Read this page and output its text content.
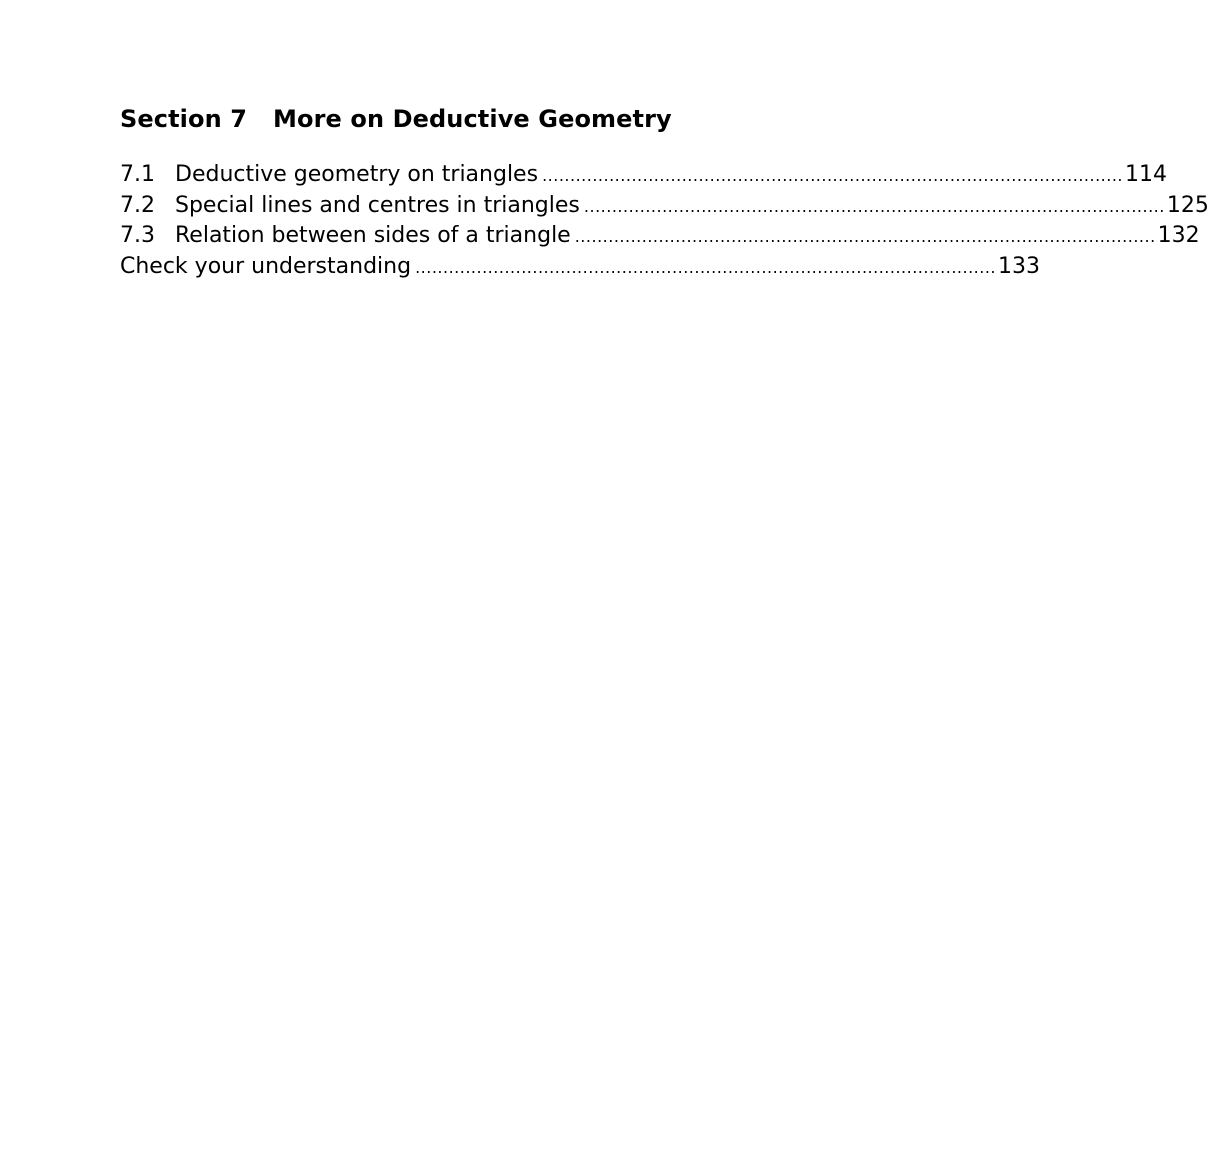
Section 7 More on Deductive Geometry
7.1 Deductive geometry on triangles ........................................................................................................ 114
7.2 Special lines and centres in triangles ........................................................................................................ 125
7.3 Relation between sides of a triangle ........................................................................................................ 132
Check your understanding ........................................................................................................ 133
